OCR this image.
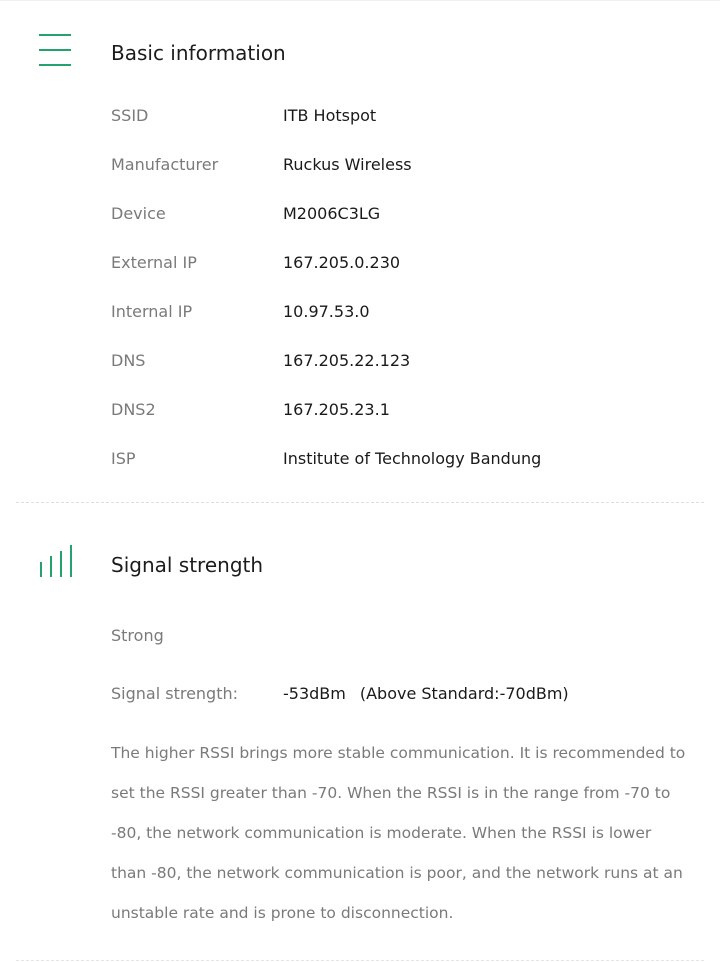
Basic information
SSID	ITB Hotspot
Manufacturer	Ruckus Wireless
Device	M2006C3LG
External IP	167.205.0.230
Internal IP	10.97.53.0
DNS	167.205.22.123
DNS2	167.205.23.1
ISP	Institute of Technology Bandung
Signal strength
Strong
Signal strength:	-53dBm (Above Standard:-70dBm)

The higher RSSI brings more stable communication. It is recommended to set the RSSI greater than -70. When the RSSI is in the range from -70 to -80, the network communication is moderate. When the RSSI is lower than -80, the network communication is poor, and the network runs at an unstable rate and is prone to disconnection.
